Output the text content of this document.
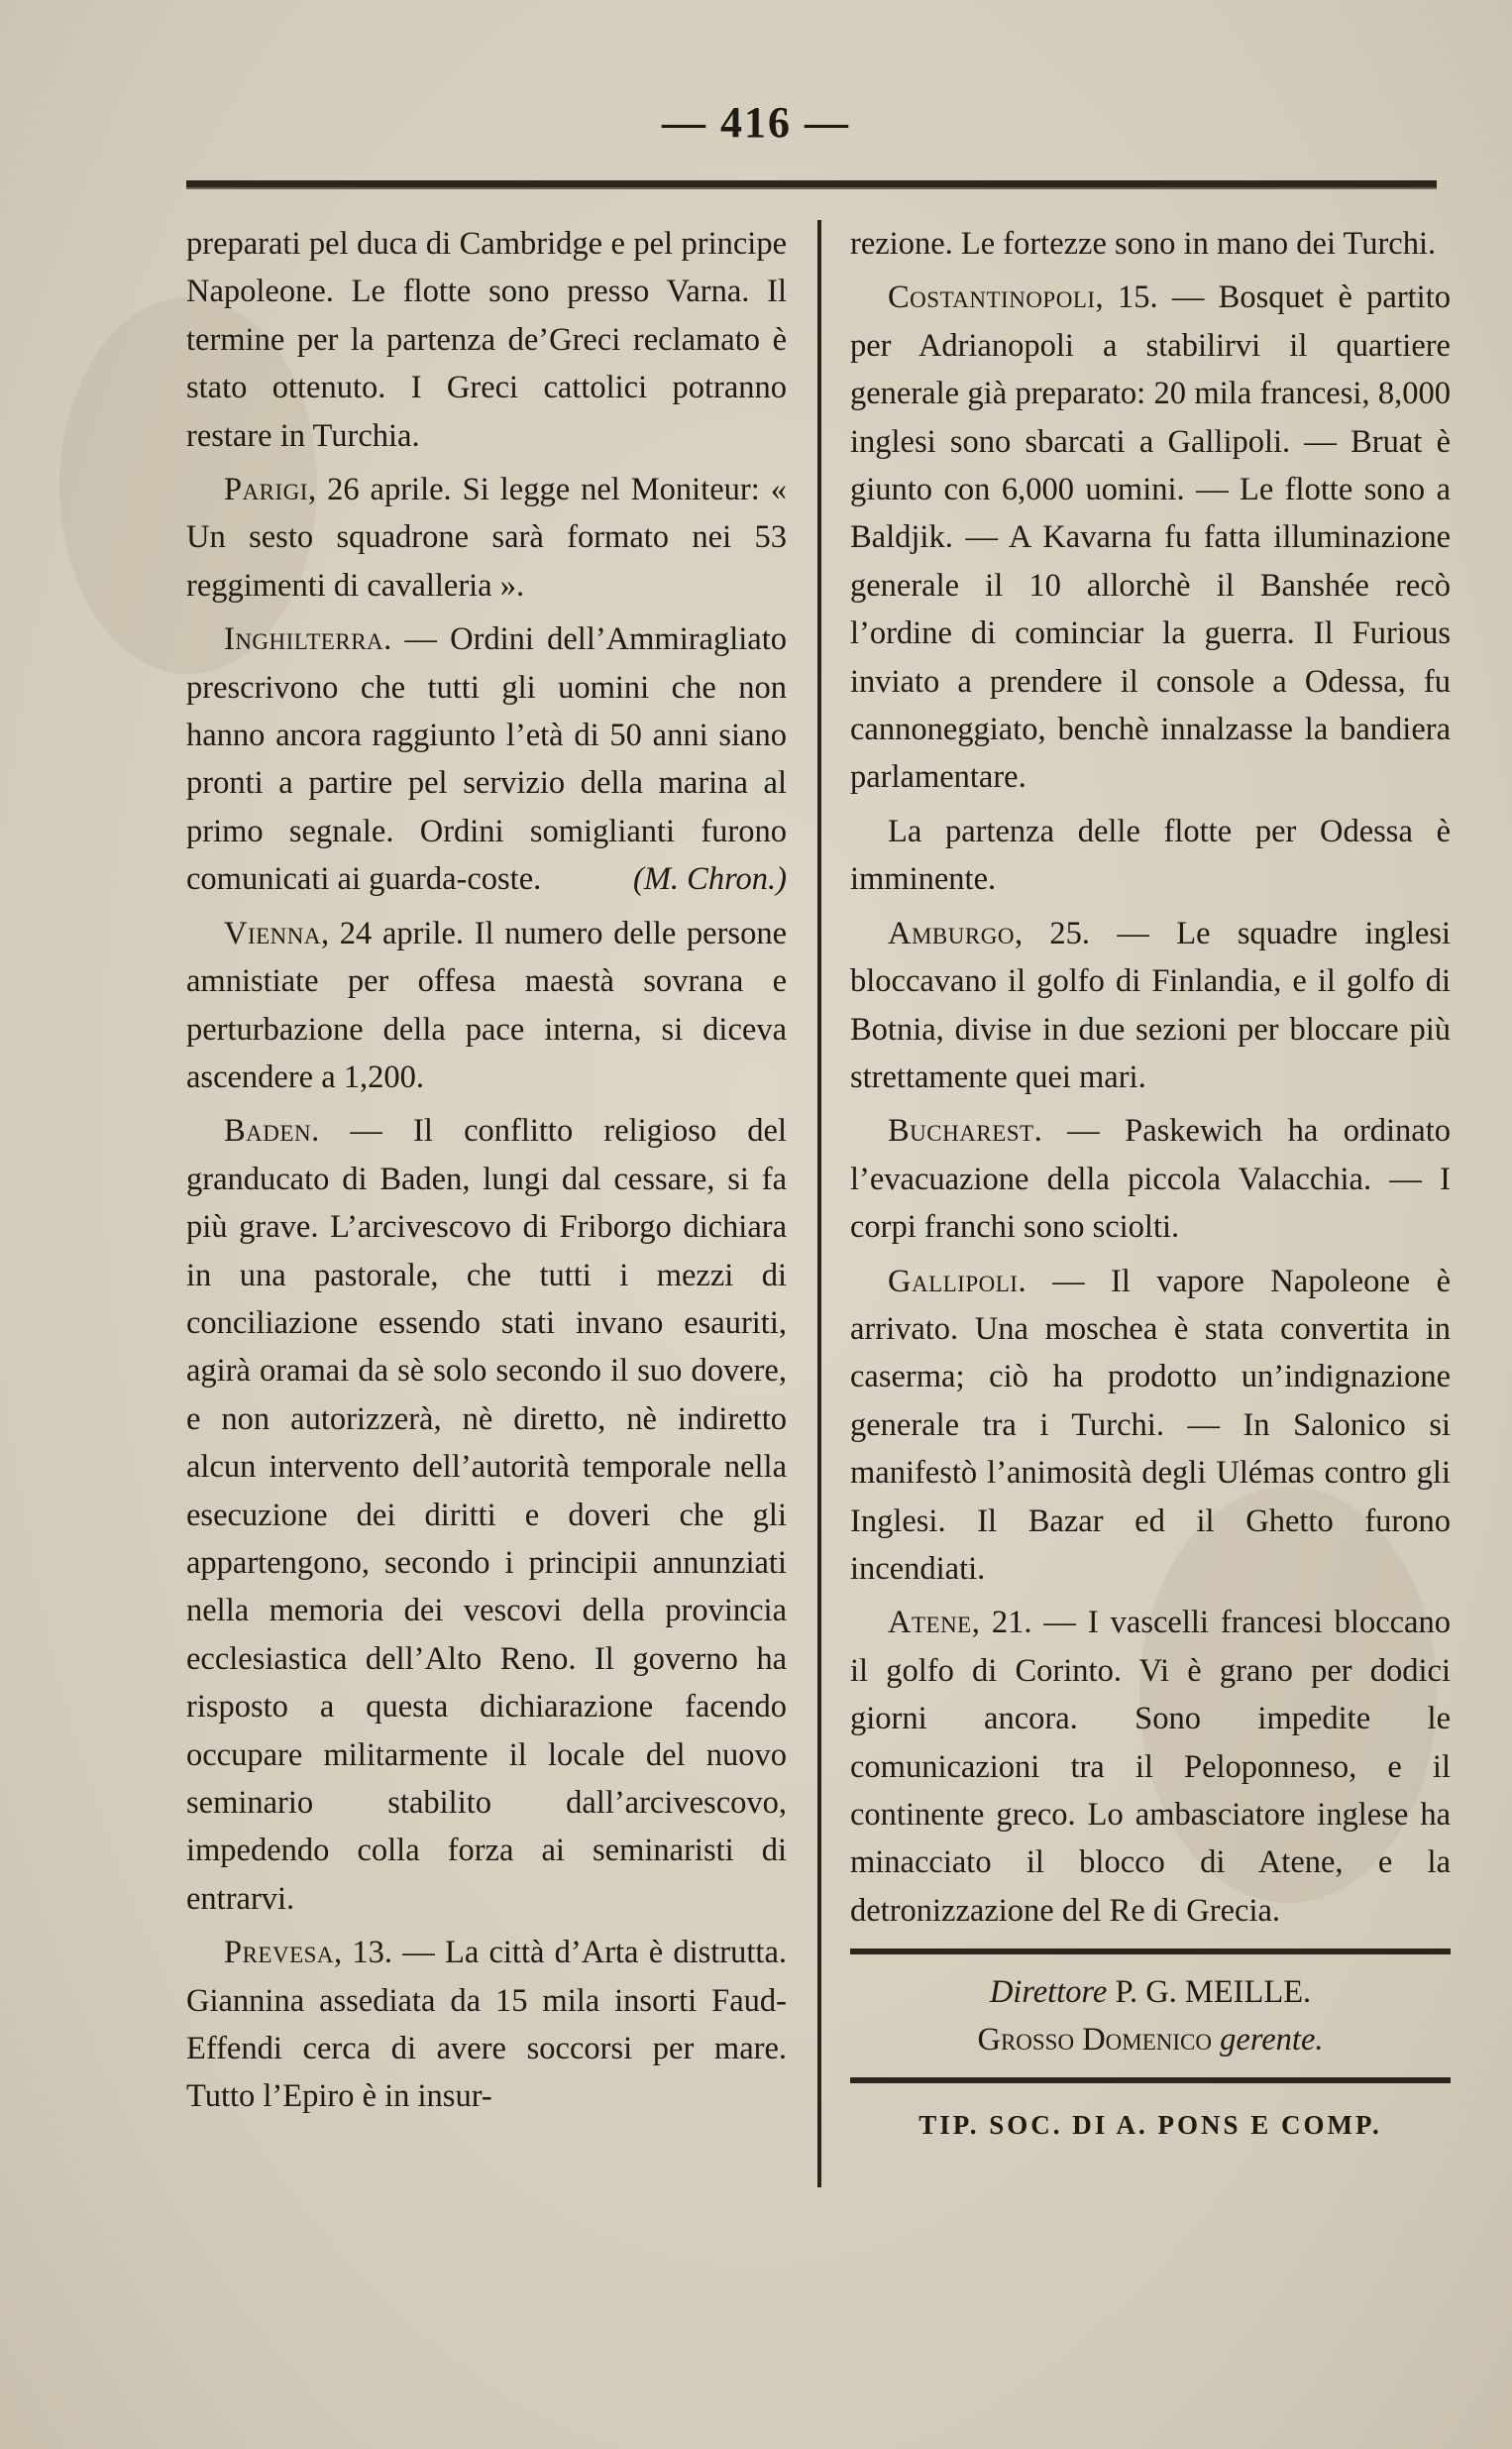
— 416 —

preparati pel duca di Cambridge e pel principe Napoleone. Le flotte sono presso Varna. Il termine per la partenza de’Greci reclamato è stato ottenuto. I Greci cattolici potranno restare in Turchia.

Parigi, 26 aprile. Si legge nel Moniteur: « Un sesto squadrone sarà formato nei 53 reggimenti di cavalleria ».

Inghilterra. — Ordini dell’Ammiragliato prescrivono che tutti gli uomini che non hanno ancora raggiunto l’età di 50 anni siano pronti a partire pel servizio della marina al primo segnale. Ordini somiglianti furono comunicati ai guarda-coste.	(M. Chron.)

Vienna, 24 aprile. Il numero delle persone amnistiate per offesa maestà sovrana e perturbazione della pace interna, si diceva ascendere a 1,200.

Baden. — Il conflitto religioso del granducato di Baden, lungi dal cessare, si fa più grave. L’arcivescovo di Friborgo dichiara in una pastorale, che tutti i mezzi di conciliazione essendo stati invano esauriti, agirà oramai da sè solo secondo il suo dovere, e non autorizzerà, nè diretto, nè indiretto alcun intervento dell’autorità temporale nella esecuzione dei diritti e doveri che gli appartengono, secondo i principii annunziati nella memoria dei vescovi della provincia ecclesiastica dell’Alto Reno. Il governo ha risposto a questa dichiarazione facendo occupare militarmente il locale del nuovo seminario stabilito dall’arcivescovo, impedendo colla forza ai seminaristi di entrarvi.

Prevesa, 13. — La città d’Arta è distrutta. Giannina assediata da 15 mila insorti Faud-Effendi cerca di avere soccorsi per mare. Tutto l’Epiro è in insur-

rezione. Le fortezze sono in mano dei Turchi.

Costantinopoli, 15. — Bosquet è partito per Adrianopoli a stabilirvi il quartiere generale già preparato: 20 mila francesi, 8,000 inglesi sono sbarcati a Gallipoli. — Bruat è giunto con 6,000 uomini. — Le flotte sono a Baldjik. — A Kavarna fu fatta illuminazione generale il 10 allorchè il Banshée recò l’ordine di cominciar la guerra. Il Furious inviato a prendere il console a Odessa, fu cannoneggiato, benchè innalzasse la bandiera parlamentare.

La partenza delle flotte per Odessa è imminente.

Amburgo, 25. — Le squadre inglesi bloccavano il golfo di Finlandia, e il golfo di Botnia, divise in due sezioni per bloccare più strettamente quei mari.

Bucharest. — Paskewich ha ordinato l’evacuazione della piccola Valacchia. — I corpi franchi sono sciolti.

Gallipoli. — Il vapore Napoleone è arrivato. Una moschea è stata convertita in caserma; ciò ha prodotto un’indignazione generale tra i Turchi. — In Salonico si manifestò l’animosità degli Ulémas contro gli Inglesi. Il Bazar ed il Ghetto furono incendiati.

Atene, 21. — I vascelli francesi bloccano il golfo di Corinto. Vi è grano per dodici giorni ancora. Sono impedite le comunicazioni tra il Peloponneso, e il continente greco. Lo ambasciatore inglese ha minacciato il blocco di Atene, e la detronizzazione del Re di Grecia.

Direttore P. G. MEILLE.
Grosso Domenico gerente.
TIP. SOC. DI A. PONS E COMP.
